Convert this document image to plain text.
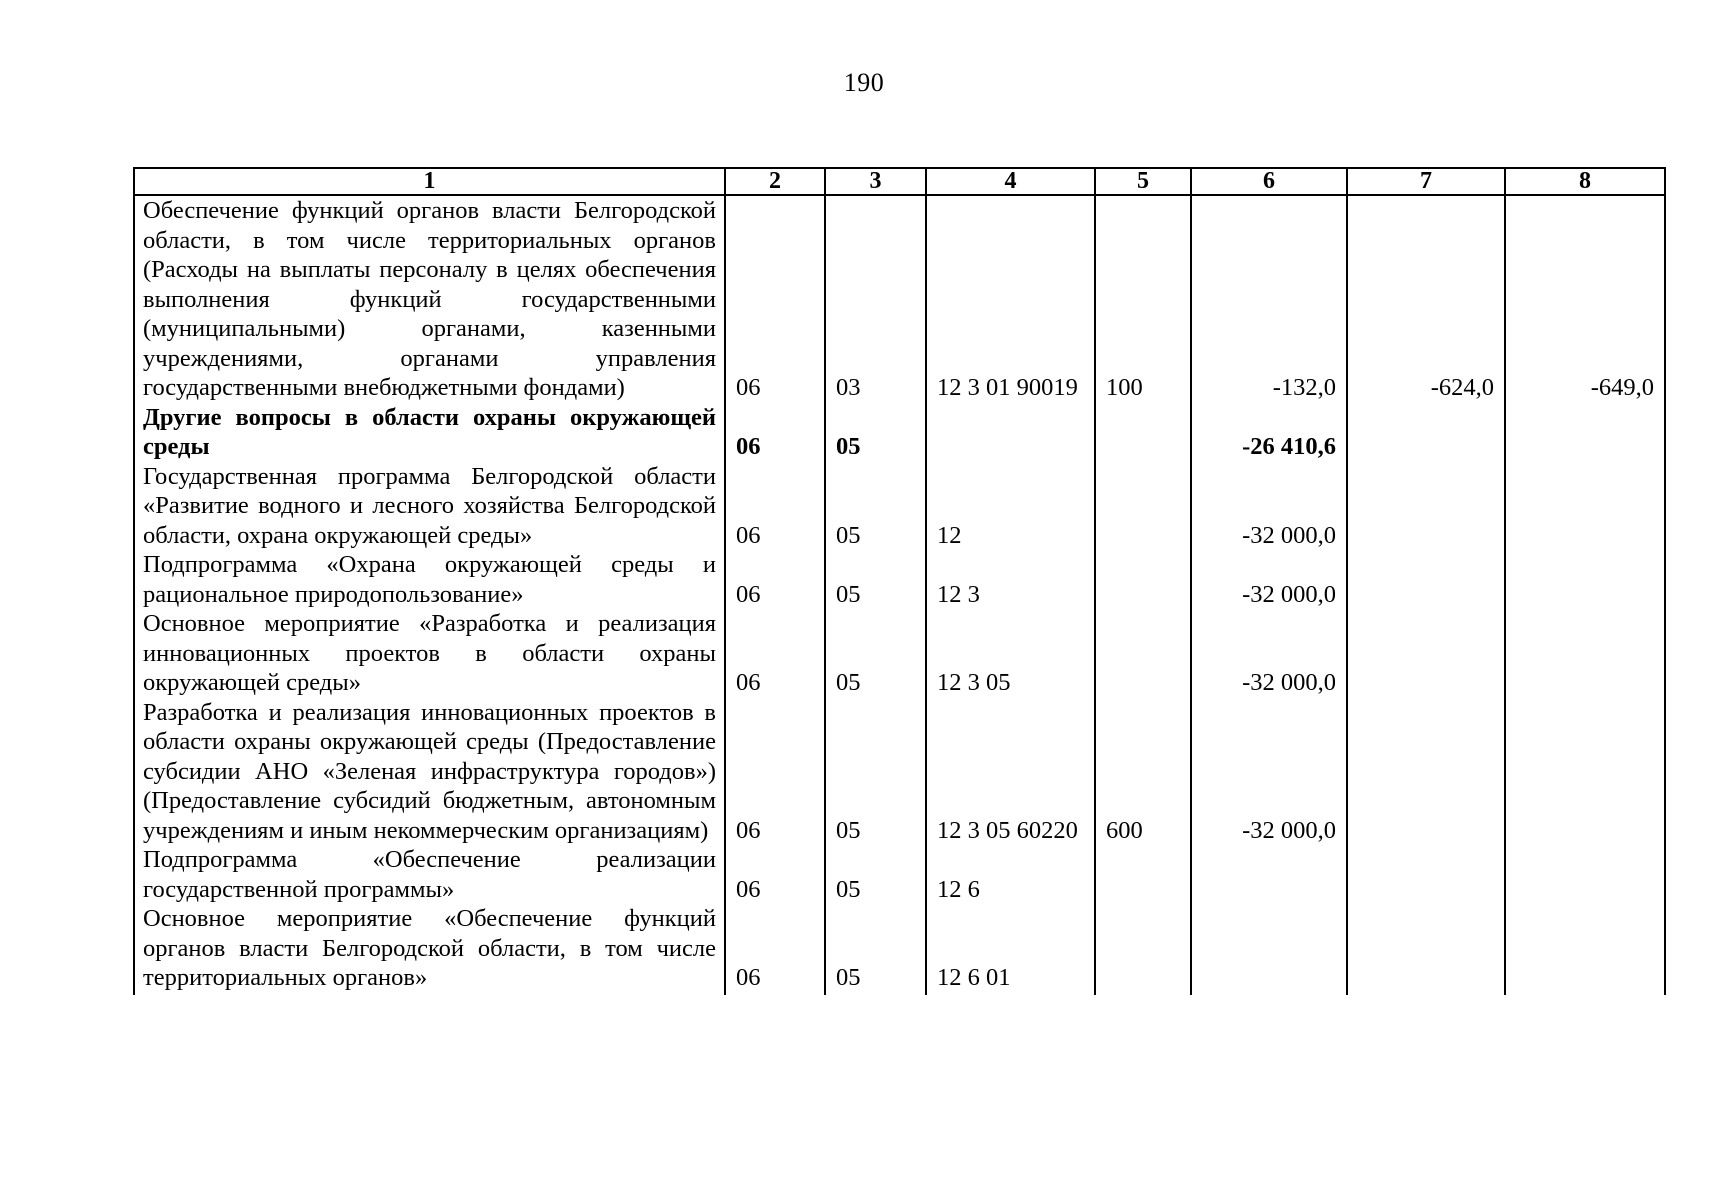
190
1	2	3	4	5	6	7	8
Обеспечение функций органов власти Белгородской области, в том числе территориальных органов (Расходы на выплаты персоналу в целях обеспечения выполнения функций государственными (муниципальными) органами, казенными учреждениями, органами управления государственными внебюджетными фондами)	06	03	12 3 01 90019	100	-132,0	-624,0	-649,0
Другие вопросы в области охраны окружающей среды	06	05			-26 410,6		
Государственная программа Белгородской области «Развитие водного и лесного хозяйства Белгородской области, охрана окружающей среды»	06	05	12		-32 000,0		
Подпрограмма «Охрана окружающей среды и рациональное природопользование»	06	05	12 3		-32 000,0		
Основное мероприятие «Разработка и реализация инновационных проектов в области охраны окружающей среды»	06	05	12 3 05		-32 000,0		
Разработка и реализация инновационных проектов в области охраны окружающей среды (Предоставление субсидии АНО «Зеленая инфраструктура городов») (Предоставление субсидий бюджетным, автономным учреждениям и иным некоммерческим организациям)	06	05	12 3 05 60220	600	-32 000,0		
Подпрограмма «Обеспечение реализации государственной программы»	06	05	12 6				
Основное мероприятие «Обеспечение функций органов власти Белгородской области, в том числе территориальных органов»	06	05	12 6 01				
